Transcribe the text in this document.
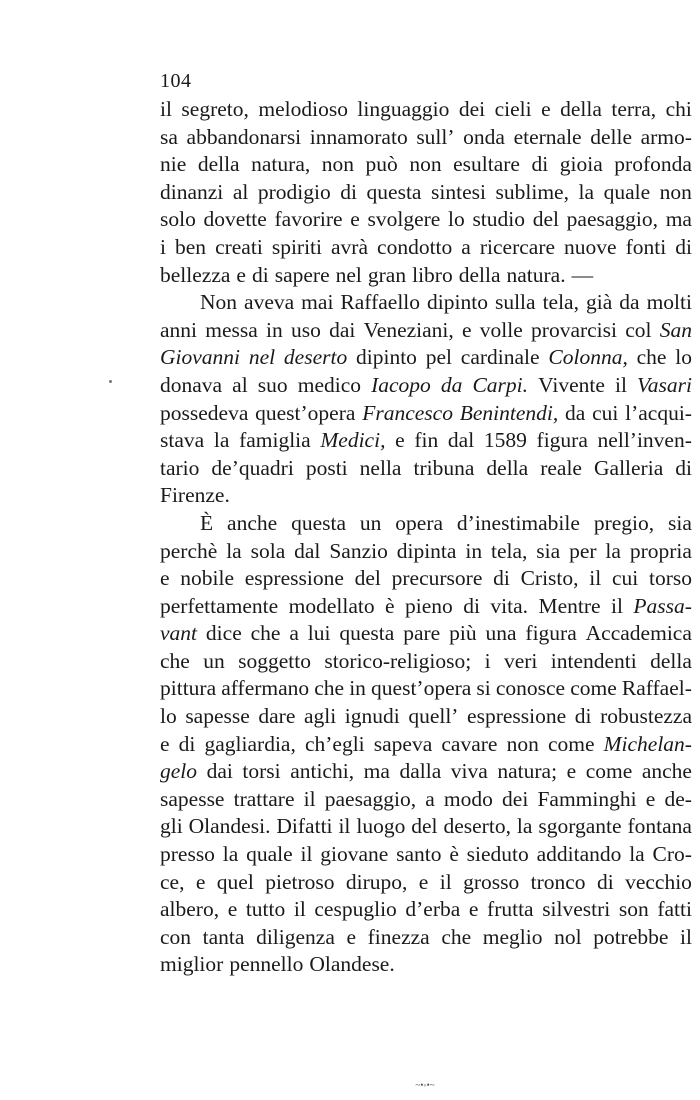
104
il segreto, melodioso linguaggio dei cieli e della terra, chi
sa abbandonarsi innamorato sull’ onda eternale delle armo-
nie della natura, non può non esultare di gioia profonda
dinanzi al prodigio di questa sintesi sublime, la quale non
solo dovette favorire e svolgere lo studio del paesaggio, ma
i ben creati spiriti avrà condotto a ricercare nuove fonti di
bellezza e di sapere nel gran libro della natura. —
Non aveva mai Raffaello dipinto sulla tela, già da molti
anni messa in uso dai Veneziani, e volle provarcisi col San
Giovanni nel deserto dipinto pel cardinale Colonna, che lo
donava al suo medico Iacopo da Carpi. Vivente il Vasari
possedeva quest’opera Francesco Benintendi, da cui l’acqui-
stava la famiglia Medici, e fin dal 1589 figura nell’inven-
tario de’quadri posti nella tribuna della reale Galleria di
Firenze.
È anche questa un opera d’inestimabile pregio, sia
perchè la sola dal Sanzio dipinta in tela, sia per la propria
e nobile espressione del precursore di Cristo, il cui torso
perfettamente modellato è pieno di vita. Mentre il Passa-
vant dice che a lui questa pare più una figura Accademica
che un soggetto storico-religioso; i veri intendenti della
pittura affermano che in quest’opera si conosce come Raffael-
lo sapesse dare agli ignudi quell’ espressione di robustezza
e di gagliardia, ch’egli sapeva cavare non come Michelan-
gelo dai torsi antichi, ma dalla viva natura; e come anche
sapesse trattare il paesaggio, a modo dei Famminghi e de-
gli Olandesi. Difatti il luogo del deserto, la sgorgante fontana
presso la quale il giovane santo è sieduto additando la Cro-
ce, e quel pietroso dirupo, e il grosso tronco di vecchio
albero, e tutto il cespuglio d’erba e frutta silvestri son fatti
con tanta diligenza e finezza che meglio nol potrebbe il
miglior pennello Olandese.
~•◦•~
